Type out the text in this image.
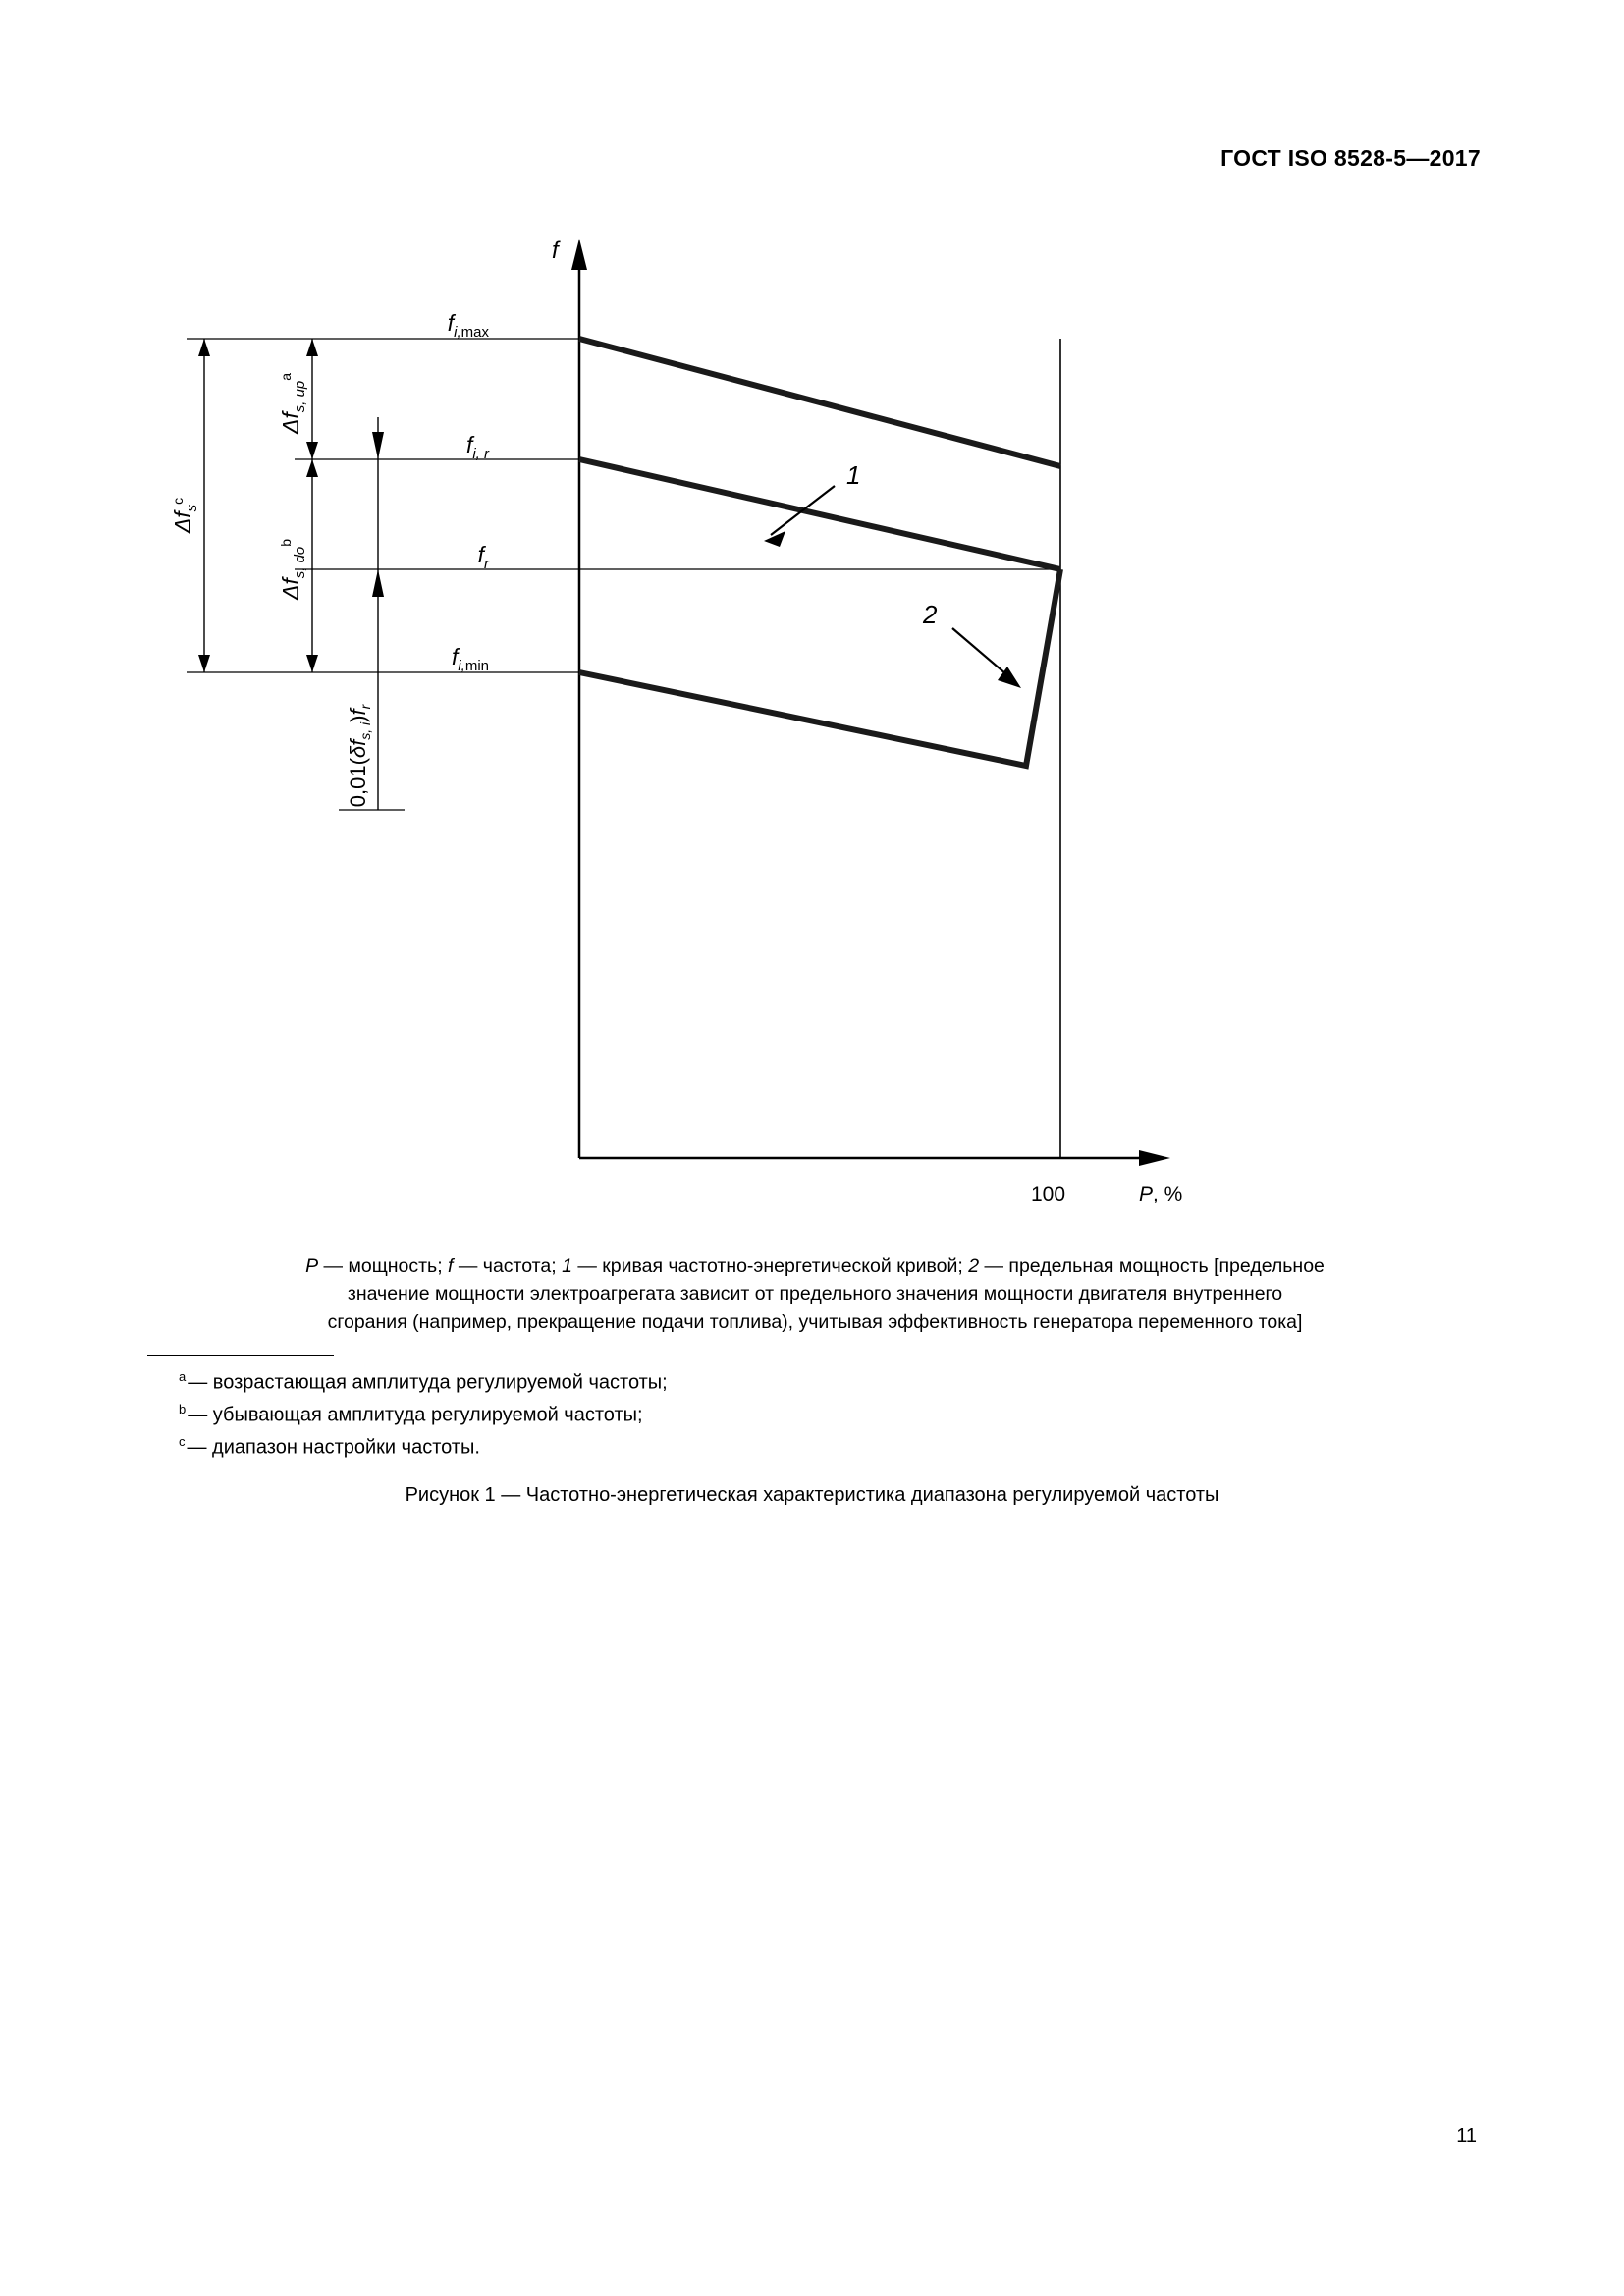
ГОСТ ISO 8528-5—2017
1
2
f
100	P, %
$f_{i,}\max$
$f_{i, r}$
$f_r$
$f_{i,}\min$
$\Delta f_s^c$
$\Delta f_{s, up}^a$
$\Delta f_{s, do}^b$
$0,01(\delta f_{s, i})f_r$
P — мощность; f — частота; 1 — кривая частотно-энергетической кривой; 2 — предельная мощность [предельное
значение мощности электроагрегата зависит от предельного значения мощности двигателя внутреннего
сгорания (например, прекращение подачи топлива), учитывая эффективность генератора переменного тока]
$^a$ — возрастающая амплитуда регулируемой частоты;
$^b$ — убывающая амплитуда регулируемой частоты;
$^c$ — диапазон настройки частоты.
Рисунок 1 — Частотно-энергетическая характеристика диапазона регулируемой частоты
11
